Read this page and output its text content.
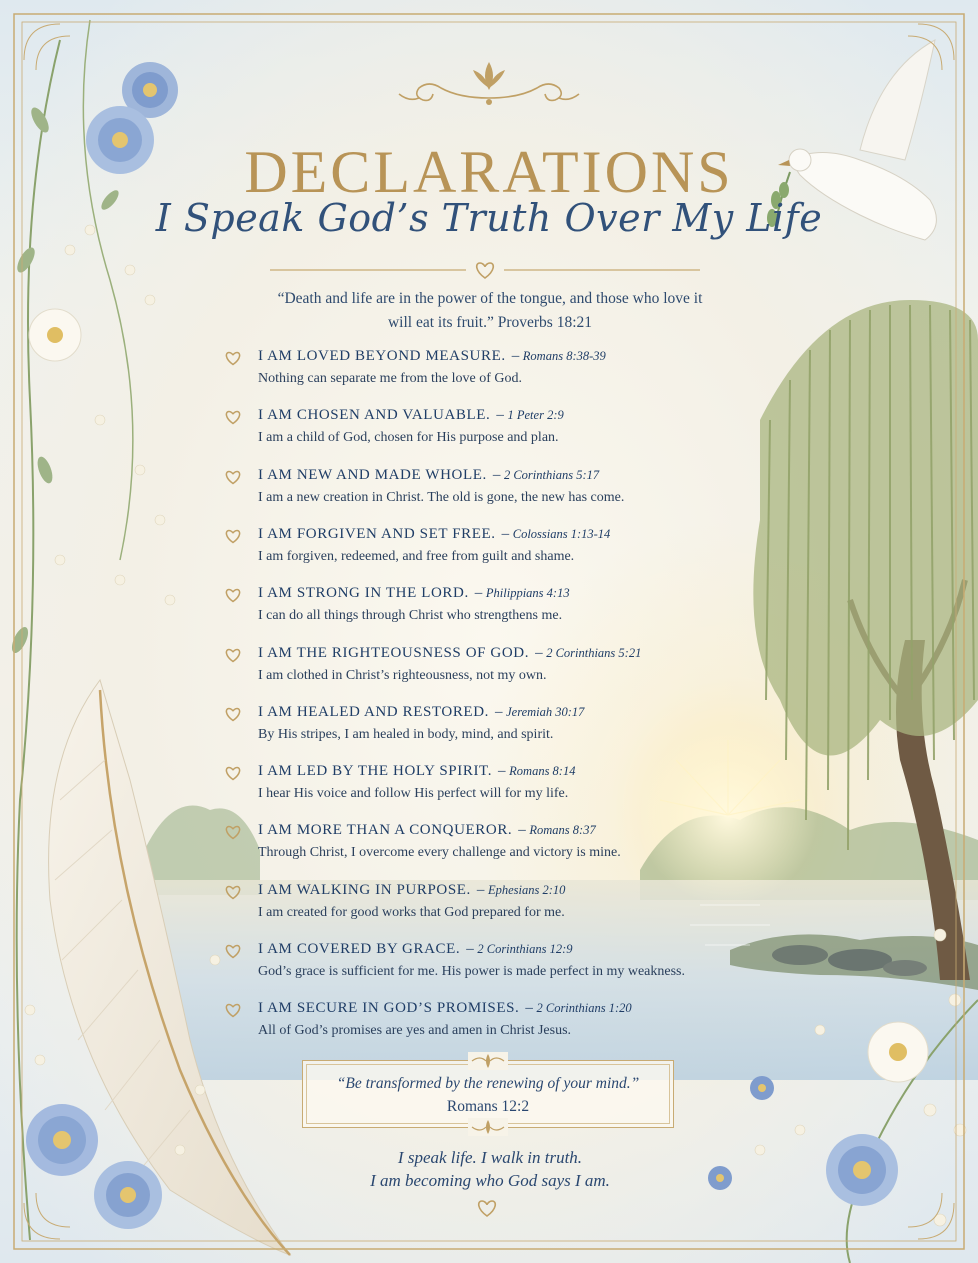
DECLARATIONS
I Speak God’s Truth Over My Life
“Death and life are in the power of the tongue, and those who love it
will eat its fruit.” Proverbs 18:21
I AM LOVED BEYOND MEASURE. – Romans 8:38-39
Nothing can separate me from the love of God.
I AM CHOSEN AND VALUABLE. – 1 Peter 2:9
I am a child of God, chosen for His purpose and plan.
I AM NEW AND MADE WHOLE. – 2 Corinthians 5:17
I am a new creation in Christ. The old is gone, the new has come.
I AM FORGIVEN AND SET FREE. – Colossians 1:13-14
I am forgiven, redeemed, and free from guilt and shame.
I AM STRONG IN THE LORD. – Philippians 4:13
I can do all things through Christ who strengthens me.
I AM THE RIGHTEOUSNESS OF GOD. – 2 Corinthians 5:21
I am clothed in Christ’s righteousness, not my own.
I AM HEALED AND RESTORED. – Jeremiah 30:17
By His stripes, I am healed in body, mind, and spirit.
I AM LED BY THE HOLY SPIRIT. – Romans 8:14
I hear His voice and follow His perfect will for my life.
I AM MORE THAN A CONQUEROR. – Romans 8:37
Through Christ, I overcome every challenge and victory is mine.
I AM WALKING IN PURPOSE. – Ephesians 2:10
I am created for good works that God prepared for me.
I AM COVERED BY GRACE. – 2 Corinthians 12:9
God’s grace is sufficient for me. His power is made perfect in my weakness.
I AM SECURE IN GOD’S PROMISES. – 2 Corinthians 1:20
All of God’s promises are yes and amen in Christ Jesus.
“Be transformed by the renewing of your mind.”
Romans 12:2
I speak life. I walk in truth.
I am becoming who God says I am.
